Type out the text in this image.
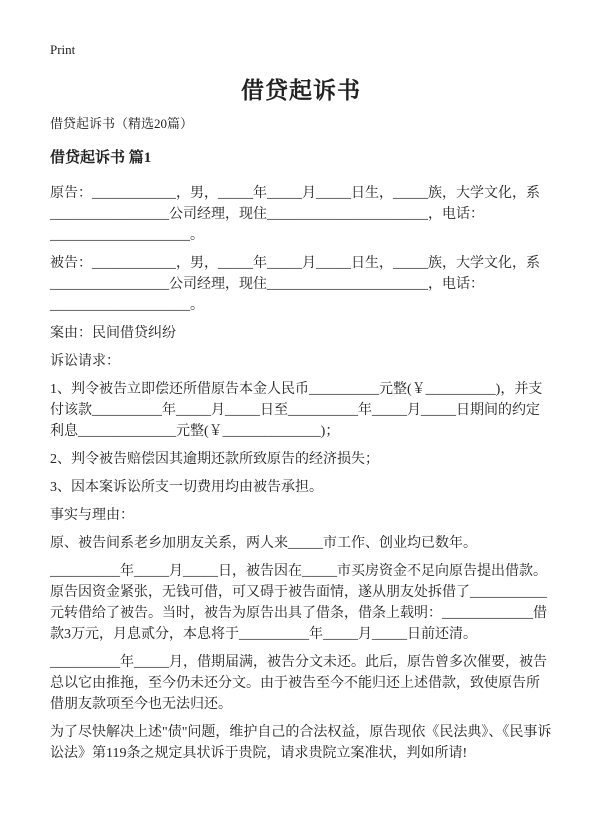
Print
借贷起诉书
借贷起诉书（精选20篇）
借贷起诉书 篇1

原告：____________，男，_____年_____月_____日生，_____族，大学文化，系_________________公司经理，现住_______________________，电话：____________________。

被告：____________，男，_____年_____月_____日生，_____族，大学文化，系_________________公司经理，现住_______________________，电话：____________________。

案由：民间借贷纠纷

诉讼请求：

1、判令被告立即偿还所借原告本金人民币__________元整(￥__________)，并支付该款__________年_____月_____日至__________年_____月_____日期间的约定利息______________元整(￥______________)；

2、判令被告赔偿因其逾期还款所致原告的经济损失；

3、因本案诉讼所支一切费用均由被告承担。

事实与理由：

原、被告间系老乡加朋友关系，两人来_____市工作、创业均已数年。

__________年_____月_____日，被告因在_____市买房资金不足向原告提出借款。原告因资金紧张，无钱可借，可又碍于被告面情，遂从朋友处拆借了___________元转借给了被告。当时，被告为原告出具了借条，借条上载明：_____________借款3万元，月息贰分，本息将于__________年_____月_____日前还清。

__________年_____月，借期届满，被告分文未还。此后，原告曾多次催要，被告总以它由推拖，至今仍未还分文。由于被告至今不能归还上述借款，致使原告所借朋友款项至今也无法归还。

为了尽快解决上述"债"问题，维护自己的合法权益，原告现依《民法典》、《民事诉讼法》第119条之规定具状诉于贵院，请求贵院立案准状，判如所请!
